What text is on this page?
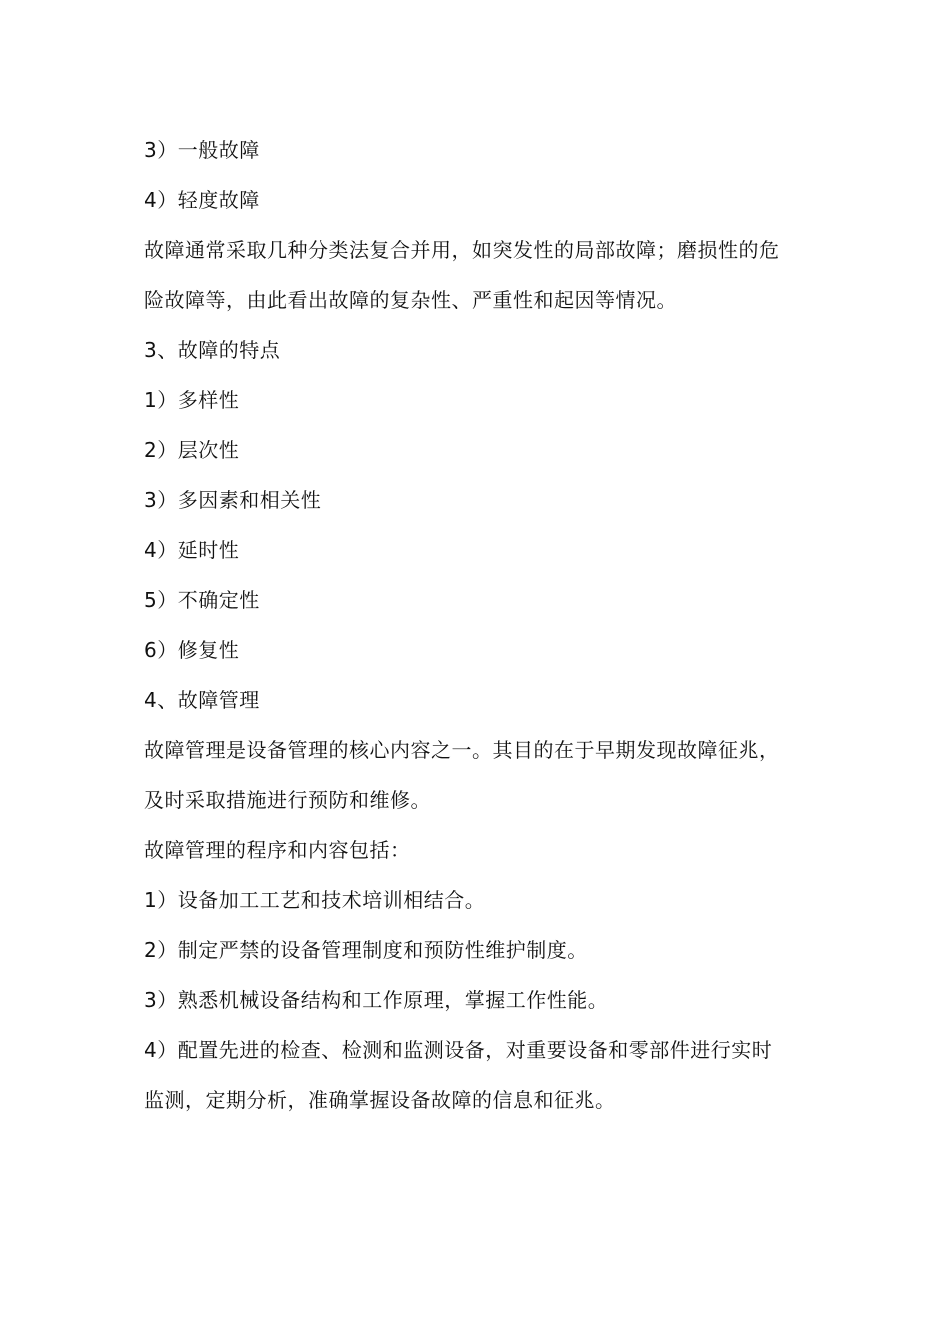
3）一般故障
4）轻度故障
故障通常采取几种分类法复合并用，如突发性的局部故障；磨损性的危
险故障等，由此看出故障的复杂性、严重性和起因等情况。
3、故障的特点
1）多样性
2）层次性
3）多因素和相关性
4）延时性
5）不确定性
6）修复性
4、故障管理
故障管理是设备管理的核心内容之一。其目的在于早期发现故障征兆，
及时采取措施进行预防和维修。
故障管理的程序和内容包括：
1）设备加工工艺和技术培训相结合。
2）制定严禁的设备管理制度和预防性维护制度。
3）熟悉机械设备结构和工作原理，掌握工作性能。
4）配置先进的检查、检测和监测设备，对重要设备和零部件进行实时
监测，定期分析，准确掌握设备故障的信息和征兆。
